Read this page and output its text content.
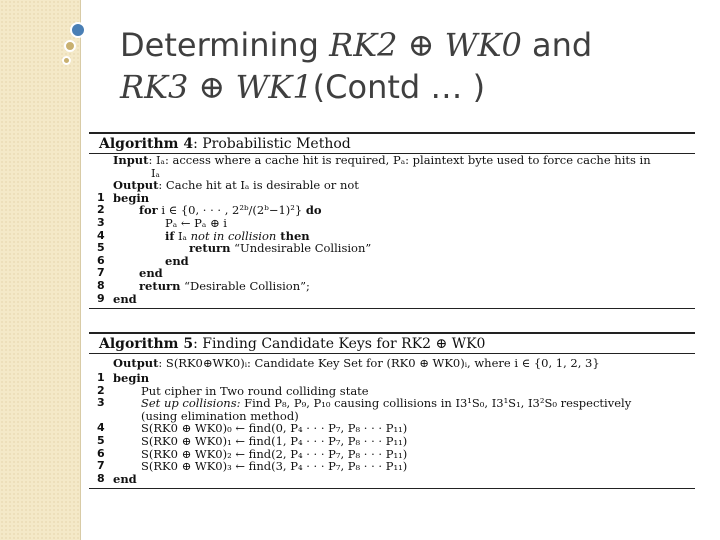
Determining RK2 ⊕ WK0 and
RK3 ⊕ WK1(Contd … )
Algorithm 4: Probabilistic Method
Input: Iₐ: access where a cache hit is required, Pₐ: plaintext byte used to force cache hits in
Iₐ
Output: Cache hit at Iₐ is desirable or not
1 begin
2	for i ∈ {0, · · · , 2²ᵇ/(2ᵇ−1)²} do
3	Pₐ ← Pₐ ⊕ i
4	if Iₐ not in collision then
5	return “Undesirable Collision”
6	end
7	end
8	return “Desirable Collision”;
9 end
Algorithm 5: Finding Candidate Keys for RK2 ⊕ WK0
Output: S(RK0⊕WK0)ᵢ: Candidate Key Set for (RK0 ⊕ WK0)ᵢ, where i ∈ {0, 1, 2, 3}
1 begin
2	Put cipher in Two round colliding state
3	Set up collisions: Find P₈, P₉, P₁₀ causing collisions in I3¹S₀, I3¹S₁, I3²S₀ respectively
(using elimination method)
4	S(RK0 ⊕ WK0)₀ ← find(0, P₄ · · · P₇, P₈ · · · P₁₁)
5	S(RK0 ⊕ WK0)₁ ← find(1, P₄ · · · P₇, P₈ · · · P₁₁)
6	S(RK0 ⊕ WK0)₂ ← find(2, P₄ · · · P₇, P₈ · · · P₁₁)
7	S(RK0 ⊕ WK0)₃ ← find(3, P₄ · · · P₇, P₈ · · · P₁₁)
8 end
